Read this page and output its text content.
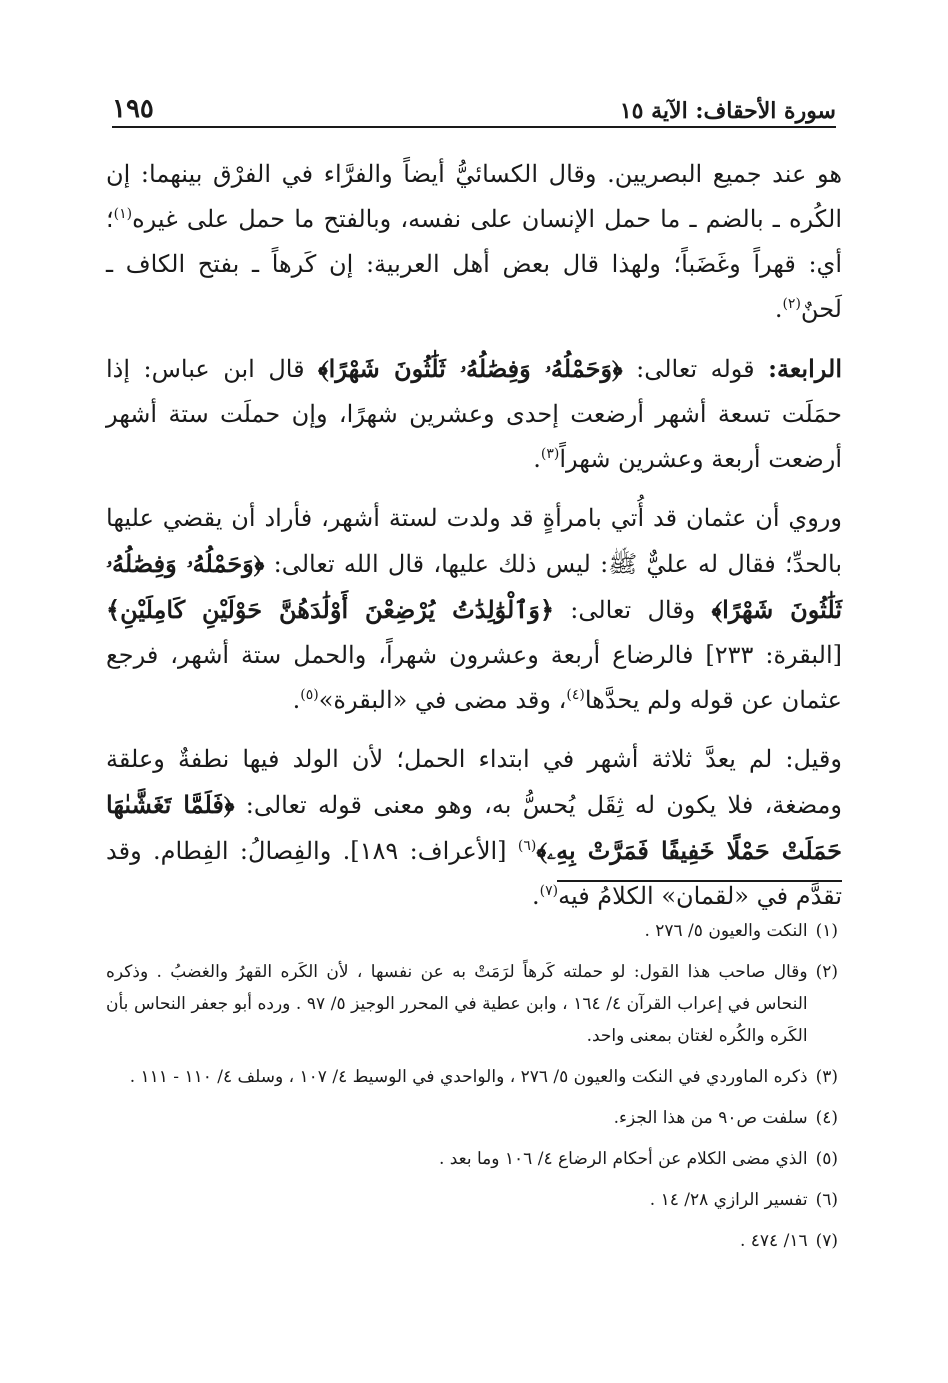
سورة الأحقاف: الآية ١٥
١٩٥

هو عند جميع البصريين. وقال الكسائيُّ أيضاً والفرَّاء في الفرْق بينهما: إن الكُره ـ بالضم ـ ما حمل الإنسان على نفسه، وبالفتح ما حمل على غيره$^{(١)}$؛ أي: قهراً وغَضَباً؛ ولهذا قال بعض أهل العربية: إن كَرهاً ـ بفتح الكاف ـ لَحنٌ$^{(٢)}$.

الرابعة: قوله تعالى: ﴿وَحَمْلُهُۥ وَفِصَٰلُهُۥ ثَلَٰثُونَ شَهْرًا﴾ قال ابن عباس: إذا حمَلَت تسعة أشهر أرضعت إحدى وعشرين شهرًا، وإن حملَت ستة أشهر أرضعت أربعة وعشرين شهراً$^{(٣)}$.

وروي أن عثمان قد أُتي بامرأةٍ قد ولدت لستة أشهر، فأراد أن يقضي عليها بالحدِّ؛ فقال له عليٌّ ﷺ: ليس ذلك عليها، قال الله تعالى: ﴿وَحَمْلُهُۥ وَفِصَٰلُهُۥ ثَلَٰثُونَ شَهْرًا﴾ وقال تعالى: ﴿وَٱلْوَٰلِدَٰتُ يُرْضِعْنَ أَوْلَٰدَهُنَّ حَوْلَيْنِ كَامِلَيْنِ﴾ [البقرة: ٢٣٣] فالرضاع أربعة وعشرون شهراً، والحمل ستة أشهر، فرجع عثمان عن قوله ولم يحدَّها$^{(٤)}$، وقد مضى في «البقرة»$^{(٥)}$.

وقيل: لم يعدَّ ثلاثة أشهر في ابتداء الحمل؛ لأن الولد فيها نطفةٌ وعلقة ومضغة، فلا يكون له ثِقَل يُحسُّ به، وهو معنى قوله تعالى: ﴿فَلَمَّا تَغَشَّىٰهَا حَمَلَتْ حَمْلًا خَفِيفًا فَمَرَّتْ بِهِۦ﴾$^{(٦)}$ [الأعراف: ١٨٩]. والفِصالُ: الفِطام. وقد تقدَّم في «لقمان» الكلامُ فيه$^{(٧)}$.

(١)
النكت والعيون ٥/ ٢٧٦ .
(٢)
وقال صاحب هذا القول: لو حملته كَرهاً لرَمَتْ به عن نفسها ، لأن الكَره القهرُ والغضبُ . وذكره النحاس في إعراب القرآن ٤/ ١٦٤ ، وابن عطية في المحرر الوجيز ٥/ ٩٧ . ورده أبو جعفر النحاس بأن الكَره والكُره لغتان بمعنى واحد.
(٣)
ذكره الماوردي في النكت والعيون ٥/ ٢٧٦ ، والواحدي في الوسيط ٤/ ١٠٧ ، وسلف ٤/ ١١٠ - ١١١ .
(٤)
سلفت ص٩٠ من هذا الجزء.
(٥)
الذي مضى الكلام عن أحكام الرضاع ٤/ ١٠٦ وما بعد .
(٦)
تفسير الرازي ٢٨/ ١٤ .
(٧)
١٦/ ٤٧٤ .
